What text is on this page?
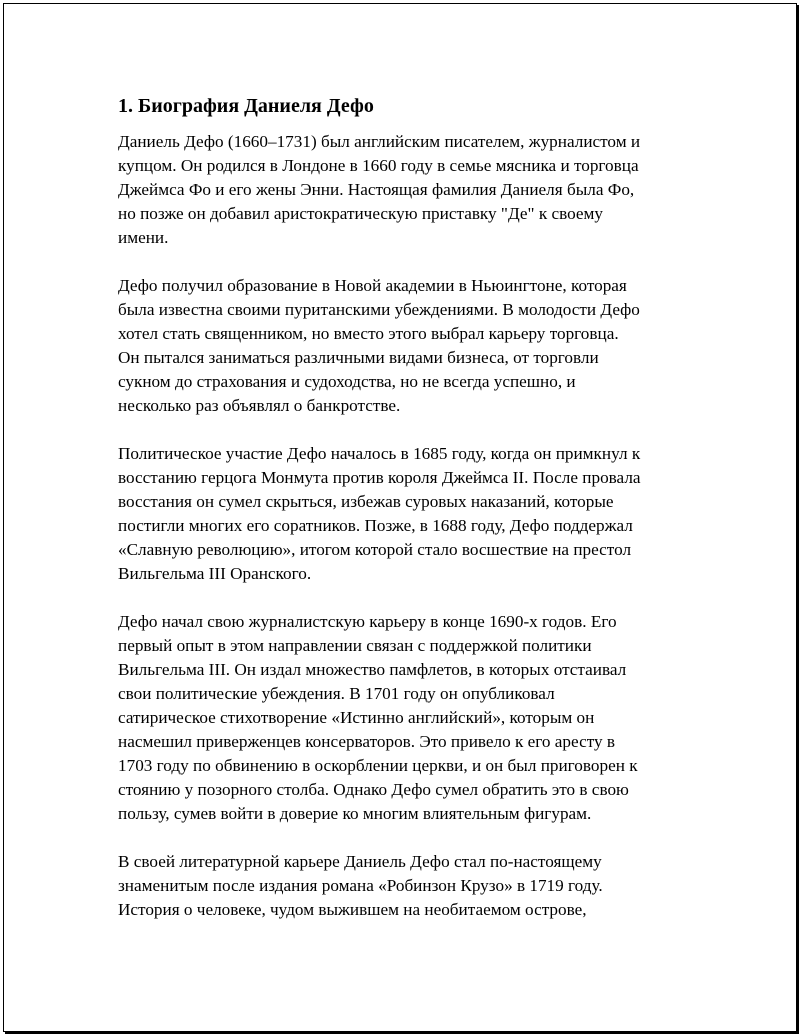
1. Биография Даниеля Дефо

Даниель Дефо (1660–1731) был английским писателем, журналистом и
купцом. Он родился в Лондоне в 1660 году в семье мясника и торговца
Джеймса Фо и его жены Энни. Настоящая фамилия Даниеля была Фо,
но позже он добавил аристократическую приставку "Де" к своему
имени.

Дефо получил образование в Новой академии в Ньюингтоне, которая
была известна своими пуританскими убеждениями. В молодости Дефо
хотел стать священником, но вместо этого выбрал карьеру торговца.
Он пытался заниматься различными видами бизнеса, от торговли
сукном до страхования и судоходства, но не всегда успешно, и
несколько раз объявлял о банкротстве.

Политическое участие Дефо началось в 1685 году, когда он примкнул к
восстанию герцога Монмута против короля Джеймса II. После провала
восстания он сумел скрыться, избежав суровых наказаний, которые
постигли многих его соратников. Позже, в 1688 году, Дефо поддержал
«Славную революцию», итогом которой стало восшествие на престол
Вильгельма III Оранского.

Дефо начал свою журналистскую карьеру в конце 1690-х годов. Его
первый опыт в этом направлении связан с поддержкой политики
Вильгельма III. Он издал множество памфлетов, в которых отстаивал
свои политические убеждения. В 1701 году он опубликовал
сатирическое стихотворение «Истинно английский», которым он
насмешил приверженцев консерваторов. Это привело к его аресту в
1703 году по обвинению в оскорблении церкви, и он был приговорен к
стоянию у позорного столба. Однако Дефо сумел обратить это в свою
пользу, сумев войти в доверие ко многим влиятельным фигурам.

В своей литературной карьере Даниель Дефо стал по-настоящему
знаменитым после издания романа «Робинзон Крузо» в 1719 году.
История о человеке, чудом выжившем на необитаемом острове,
